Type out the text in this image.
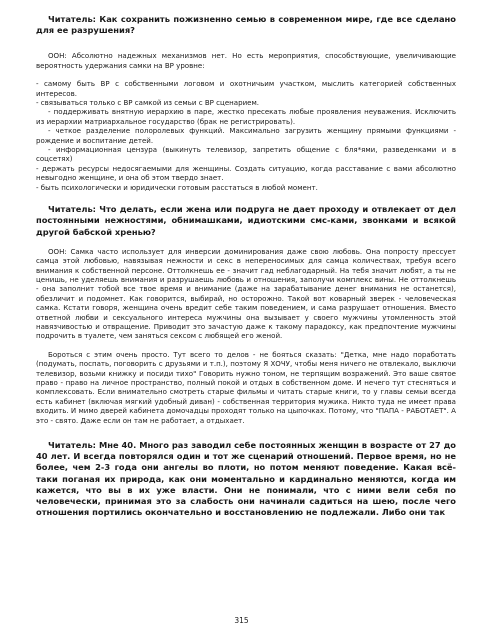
Читатель: Как сохранить пожизненно семью в современном мире, где все сделано для ее разрушения?

ООН: Абсолютно надежных механизмов нет. Но есть мероприятия, способствующие, увеличивающие вероятность удержания самки на ВР уровне:

- самому быть ВР с собственными логовом и охотничьим участком, мыслить категорией собственных интересов.

- связываться только с ВР самкой из семьи с ВР сценарием.

- поддерживать внятную иерархию в паре, жестко пресекать любые проявления неуважения. Исключить из иерархии матриархальное государство (брак не регистрировать).

- четкое разделение полоролевых функций. Максимально загрузить женщину прямыми функциями - рождение и воспитание детей.

- информационная цензура (выкинуть телевизор, запретить общение с бля*ями, разведенками и в соцсетях)

- держать ресурсы недосягаемыми для женщины. Создать ситуацию, когда расставание с вами абсолютно невыгодно женщине, и она об этом твердо знает.

- быть психологически и юридически готовым расстаться в любой момент.

Читатель: Что делать, если жена или подруга не дает проходу и отвлекает от дел постоянными нежностями, обнимашками, идиотскими смс-ками, звонками и всякой другой бабской хренью?

ООН: Самка часто использует для инверсии доминирования даже свою любовь. Она попросту прессует самца этой любовью, навязывая нежности и секс в непереносимых для самца количествах, требуя всего внимания к собственной персоне. Оттолкнешь ее - значит гад неблагодарный. На тебя значит любят, а ты не ценишь, не уделяешь внимания и разрушаешь любовь и отношения, заполучи комплекс вины. Не оттолкнешь - она заполнит тобой все твое время и внимание (даже на зарабатывание денег внимания не останется), обезличит и подомнет. Как говорится, выбирай, но осторожно. Такой вот коварный зверек - человеческая самка. Кстати говоря, женщина очень вредит себе таким поведением, и сама разрушает отношения. Вместо ответной любви и сексуального интереса мужчины она вызывает у своего мужчины утомленность этой навязчивостью и отвращение. Приводит это зачастую даже к такому парадоксу, как предпочтение мужчины подрочить в туалете, чем заняться сексом с любящей его женой.

Бороться с этим очень просто. Тут всего то делов - не бояться сказать: "Детка, мне надо поработать (подумать, поспать, поговорить с друзьями и т.п.), поэтому Я ХОЧУ, чтобы меня ничего не отвлекало, выключи телевизор, возьми книжку и посиди тихо" Говорить нужно тоном, не терпящим возражений. Это ваше святое право - право на личное пространство, полный покой и отдых в собственном доме. И нечего тут стесняться и комплексовать. Если внимательно смотреть старые фильмы и читать старые книги, то у главы семьи всегда есть кабинет (включая мягкий удобный диван) - собственная территория мужика. Никто туда не имеет права входить. И мимо дверей кабинета домочадцы проходят только на цыпочках. Потому, что "ПАПА - РАБОТАЕТ". А это - свято. Даже если он там не работает, а отдыхает.

Читатель: Мне 40. Много раз заводил себе постоянных женщин в возрасте от 27 до 40 лет. И всегда повторялся один и тот же сценарий отношений. Первое время, но не более, чем 2-3 года они ангелы во плоти, но потом меняют поведение. Какая всё-таки поганая их природа, как они моментально и кардинально меняются, когда им кажется, что вы в их уже власти. Они не понимали, что с ними вели себя по человечески, принимая это за слабость они начинали садиться на шею, после чего отношения портились окончательно и восстановлению не подлежали. Либо они так

315
